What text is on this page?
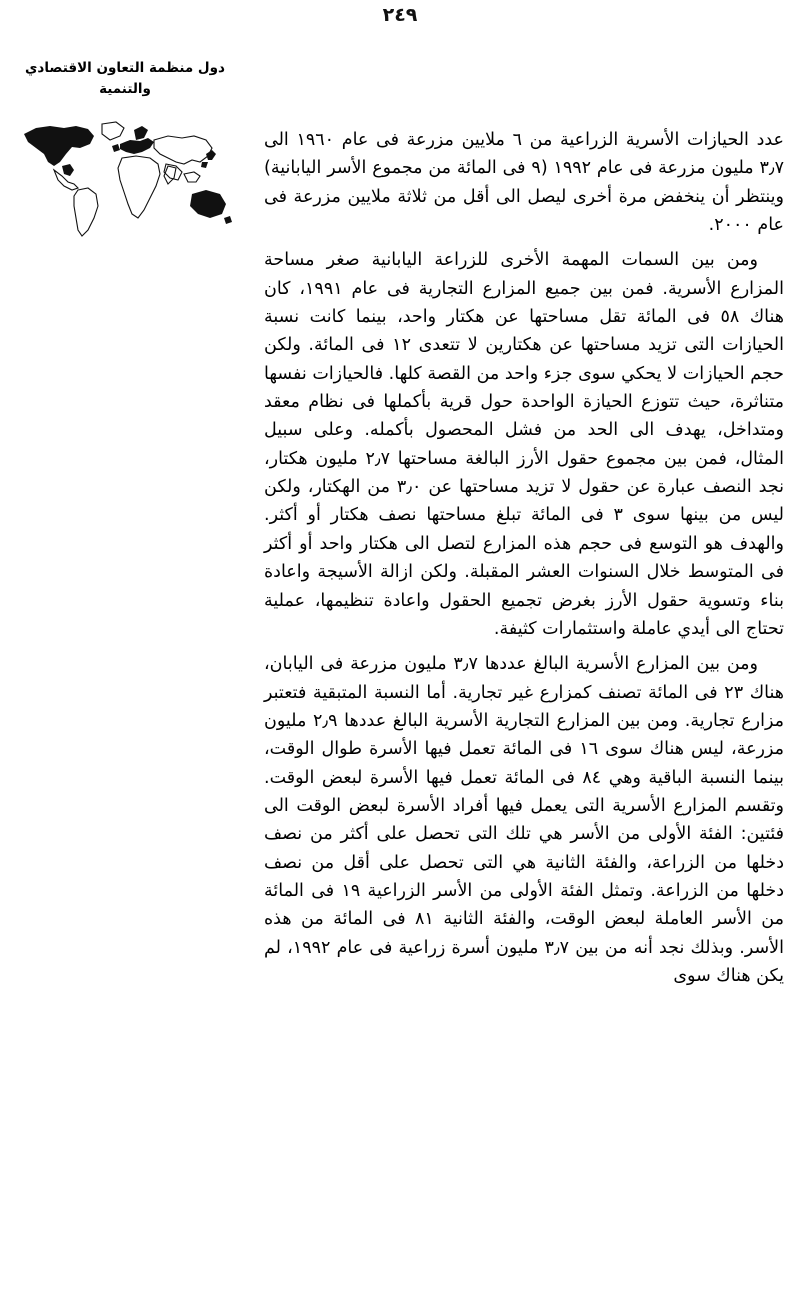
٢٤٩
دول منظمة التعاون الاقتصادي والتنمية

عدد الحيازات الأسرية الزراعية من ٦ ملايين مزرعة فى عام ١٩٦٠ الى ٣٫٧ مليون مزرعة فى عام ١٩٩٢ (٩ فى المائة من مجموع الأسر اليابانية) وينتظر أن ينخفض مرة أخرى ليصل الى أقل من ثلاثة ملايين مزرعة فى عام ٢٠٠٠.

ومن بين السمات المهمة الأخرى للزراعة اليابانية صغر مساحة المزارع الأسرية. فمن بين جميع المزارع التجارية فى عام ١٩٩١، كان هناك ٥٨ فى المائة تقل مساحتها عن هكتار واحد، بينما كانت نسبة الحيازات التى تزيد مساحتها عن هكتارين لا تتعدى ١٢ فى المائة. ولكن حجم الحيازات لا يحكي سوى جزء واحد من القصة كلها. فالحيازات نفسها متناثرة، حيث تتوزع الحيازة الواحدة حول قرية بأكملها فى نظام معقد ومتداخل، يهدف الى الحد من فشل المحصول بأكمله. وعلى سبيل المثال، فمن بين مجموع حقول الأرز البالغة مساحتها ٢٫٧ مليون هكتار، نجد النصف عبارة عن حقول لا تزيد مساحتها عن ٣٫٠ من الهكتار، ولكن ليس من بينها سوى ٣ فى المائة تبلغ مساحتها نصف هكتار أو أكثر. والهدف هو التوسع فى حجم هذه المزارع لتصل الى هكتار واحد أو أكثر فى المتوسط خلال السنوات العشر المقبلة. ولكن ازالة الأسيجة واعادة بناء وتسوية حقول الأرز بغرض تجميع الحقول واعادة تنظيمها، عملية تحتاج الى أيدي عاملة واستثمارات كثيفة.

ومن بين المزارع الأسرية البالغ عددها ٣٫٧ مليون مزرعة فى اليابان، هناك ٢٣ فى المائة تصنف كمزارع غير تجارية. أما النسبة المتبقية فتعتبر مزارع تجارية. ومن بين المزارع التجارية الأسرية البالغ عددها ٢٫٩ مليون مزرعة، ليس هناك سوى ١٦ فى المائة تعمل فيها الأسرة طوال الوقت، بينما النسبة الباقية وهي ٨٤ فى المائة تعمل فيها الأسرة لبعض الوقت. وتقسم المزارع الأسرية التى يعمل فيها أفراد الأسرة لبعض الوقت الى فئتين: الفئة الأولى من الأسر هي تلك التى تحصل على أكثر من نصف دخلها من الزراعة، والفئة الثانية هي التى تحصل على أقل من نصف دخلها من الزراعة. وتمثل الفئة الأولى من الأسر الزراعية ١٩ فى المائة من الأسر العاملة لبعض الوقت، والفئة الثانية ٨١ فى المائة من هذه الأسر. وبذلك نجد أنه من بين ٣٫٧ مليون أسرة زراعية فى عام ١٩٩٢، لم يكن هناك سوى
